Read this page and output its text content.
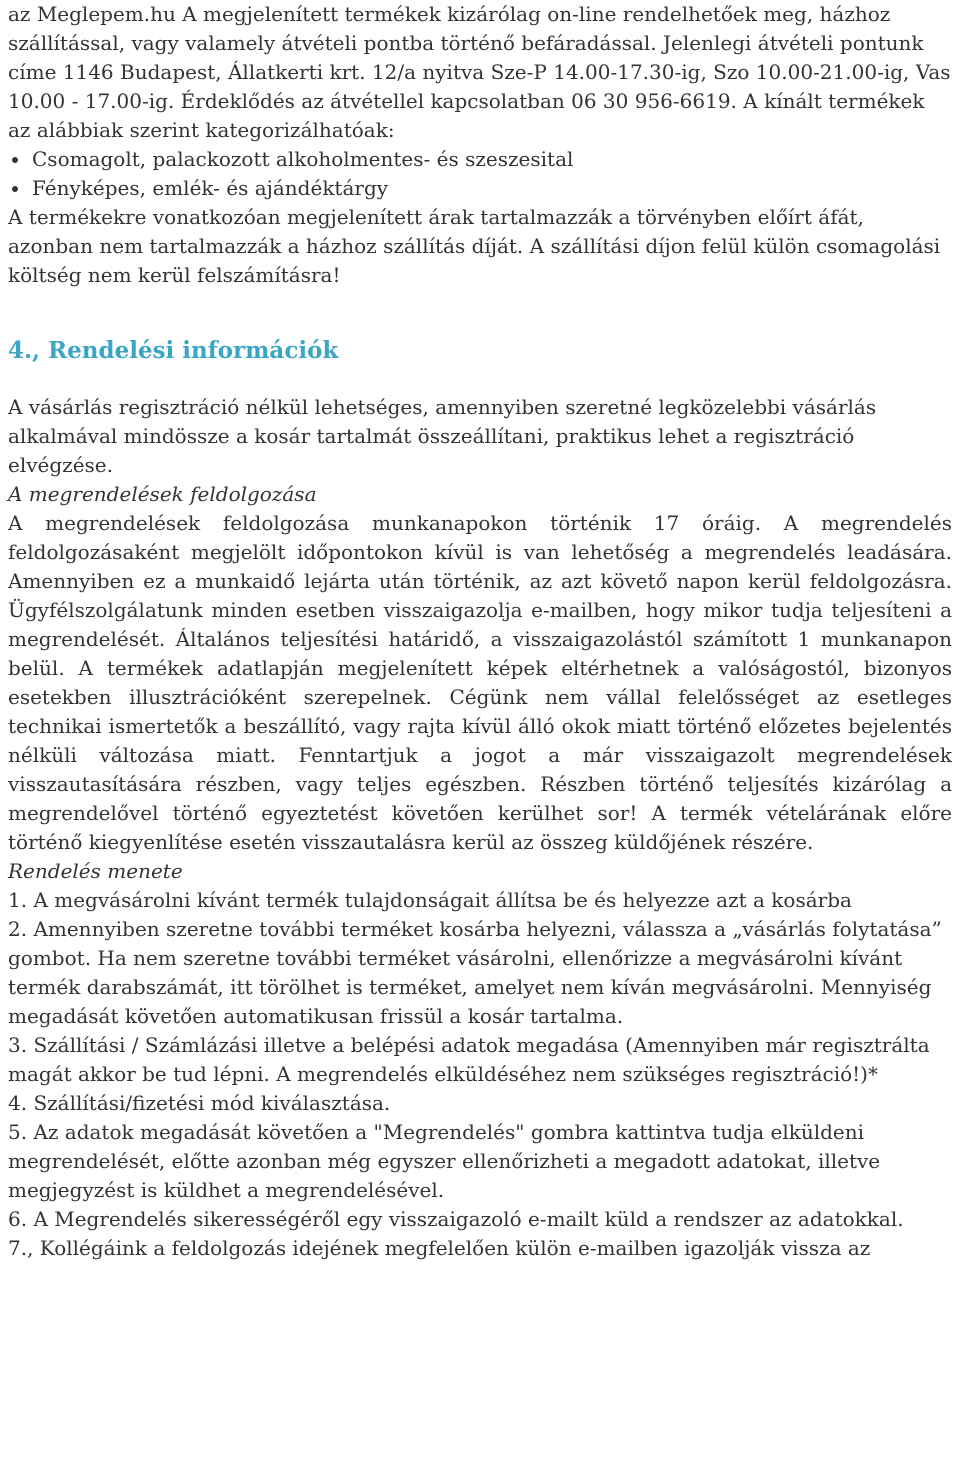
az Meglepem.hu A megjelenített termékek kizárólag on-line rendelhetőek meg, házhoz szállítással, vagy valamely átvételi pontba történő befáradással. Jelenlegi átvételi pontunk címe 1146 Budapest, Állatkerti krt. 12/a nyitva Sze-P 14.00-17.30-ig, Szo 10.00-21.00-ig, Vas 10.00 - 17.00-ig. Érdeklődés az átvétellel kapcsolatban 06 30 956-6619. A kínált termékek az alábbiak szerint kategorizálhatóak:

Csomagolt, palackozott alkoholmentes- és szeszesital
Fényképes, emlék- és ajándéktárgy

A termékekre vonatkozóan megjelenített árak tartalmazzák a törvényben előírt áfát, azonban nem tartalmazzák a házhoz szállítás díját. A szállítási díjon felül külön csomagolási költség nem kerül felszámításra!

4., Rendelési információk

A vásárlás regisztráció nélkül lehetséges, amennyiben szeretné legközelebbi vásárlás alkalmával mindössze a kosár tartalmát összeállítani, praktikus lehet a regisztráció elvégzése.

A megrendelések feldolgozása

A megrendelések feldolgozása munkanapokon történik 17 óráig. A megrendelés feldolgozásaként megjelölt időpontokon kívül is van lehetőség a megrendelés leadására. Amennyiben ez a munkaidő lejárta után történik, az azt követő napon kerül feldolgozásra. Ügyfélszolgálatunk minden esetben visszaigazolja e-mailben, hogy mikor tudja teljesíteni a megrendelését. Általános teljesítési határidő, a visszaigazolástól számított 1 munkanapon belül. A termékek adatlapján megjelenített képek eltérhetnek a valóságostól, bizonyos esetekben illusztrációként szerepelnek. Cégünk nem vállal felelősséget az esetleges technikai ismertetők a beszállító, vagy rajta kívül álló okok miatt történő előzetes bejelentés nélküli változása miatt. Fenntartjuk a jogot a már visszaigazolt megrendelések visszautasítására részben, vagy teljes egészben. Részben történő teljesítés kizárólag a megrendelővel történő egyeztetést követően kerülhet sor! A termék vételárának előre történő kiegyenlítése esetén visszautalásra kerül az összeg küldőjének részére.

Rendelés menete

1. A megvásárolni kívánt termék tulajdonságait állítsa be és helyezze azt a kosárba

2. Amennyiben szeretne további terméket kosárba helyezni, válassza a „vásárlás folytatása” gombot. Ha nem szeretne további terméket vásárolni, ellenőrizze a megvásárolni kívánt termék darabszámát, itt törölhet is terméket, amelyet nem kíván megvásárolni. Mennyiség megadását követően automatikusan frissül a kosár tartalma.

3. Szállítási / Számlázási illetve a belépési adatok megadása (Amennyiben már regisztrálta magát akkor be tud lépni. A megrendelés elküldéséhez nem szükséges regisztráció!)*

4. Szállítási/fizetési mód kiválasztása.

5. Az adatok megadását követően a "Megrendelés" gombra kattintva tudja elküldeni megrendelését, előtte azonban még egyszer ellenőrizheti a megadott adatokat, illetve megjegyzést is küldhet a megrendelésével.

6. A Megrendelés sikerességéről egy visszaigazoló e-mailt küld a rendszer az adatokkal.

7., Kollégáink a feldolgozás idejének megfelelően külön e-mailben igazolják vissza az
